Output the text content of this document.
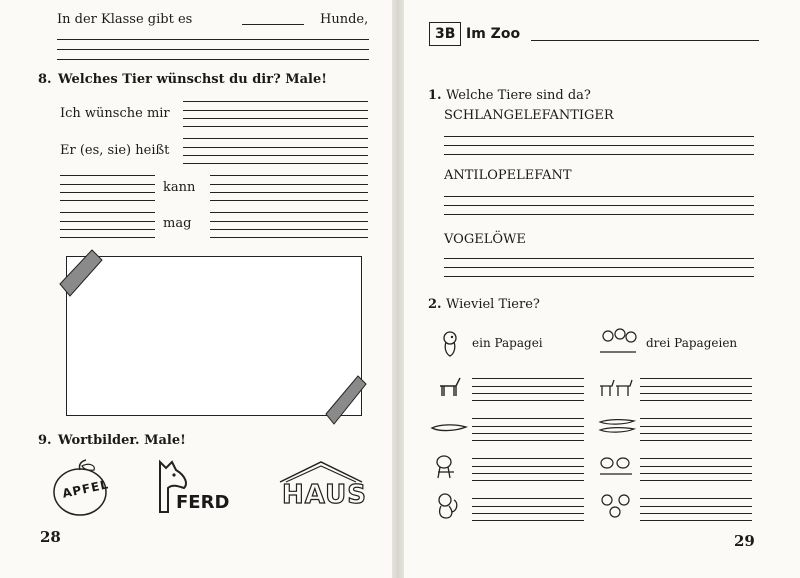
In der Klasse gibt es	Hunde,
8. Welches Tier wünschst du dir? Male!
Ich wünsche mir
Er (es, sie) heißt
kann
mag
9. Wortbilder. Male!
APFEL
FERD HAUS
28
3B Im Zoo
1. Welche Tiere sind da?
SCHLANGELEFANTIGER
ANTILOPELEFANT
VOGELÖWE
2. Wieviel Tiere?
ein Papagei	drei Papageien
29
